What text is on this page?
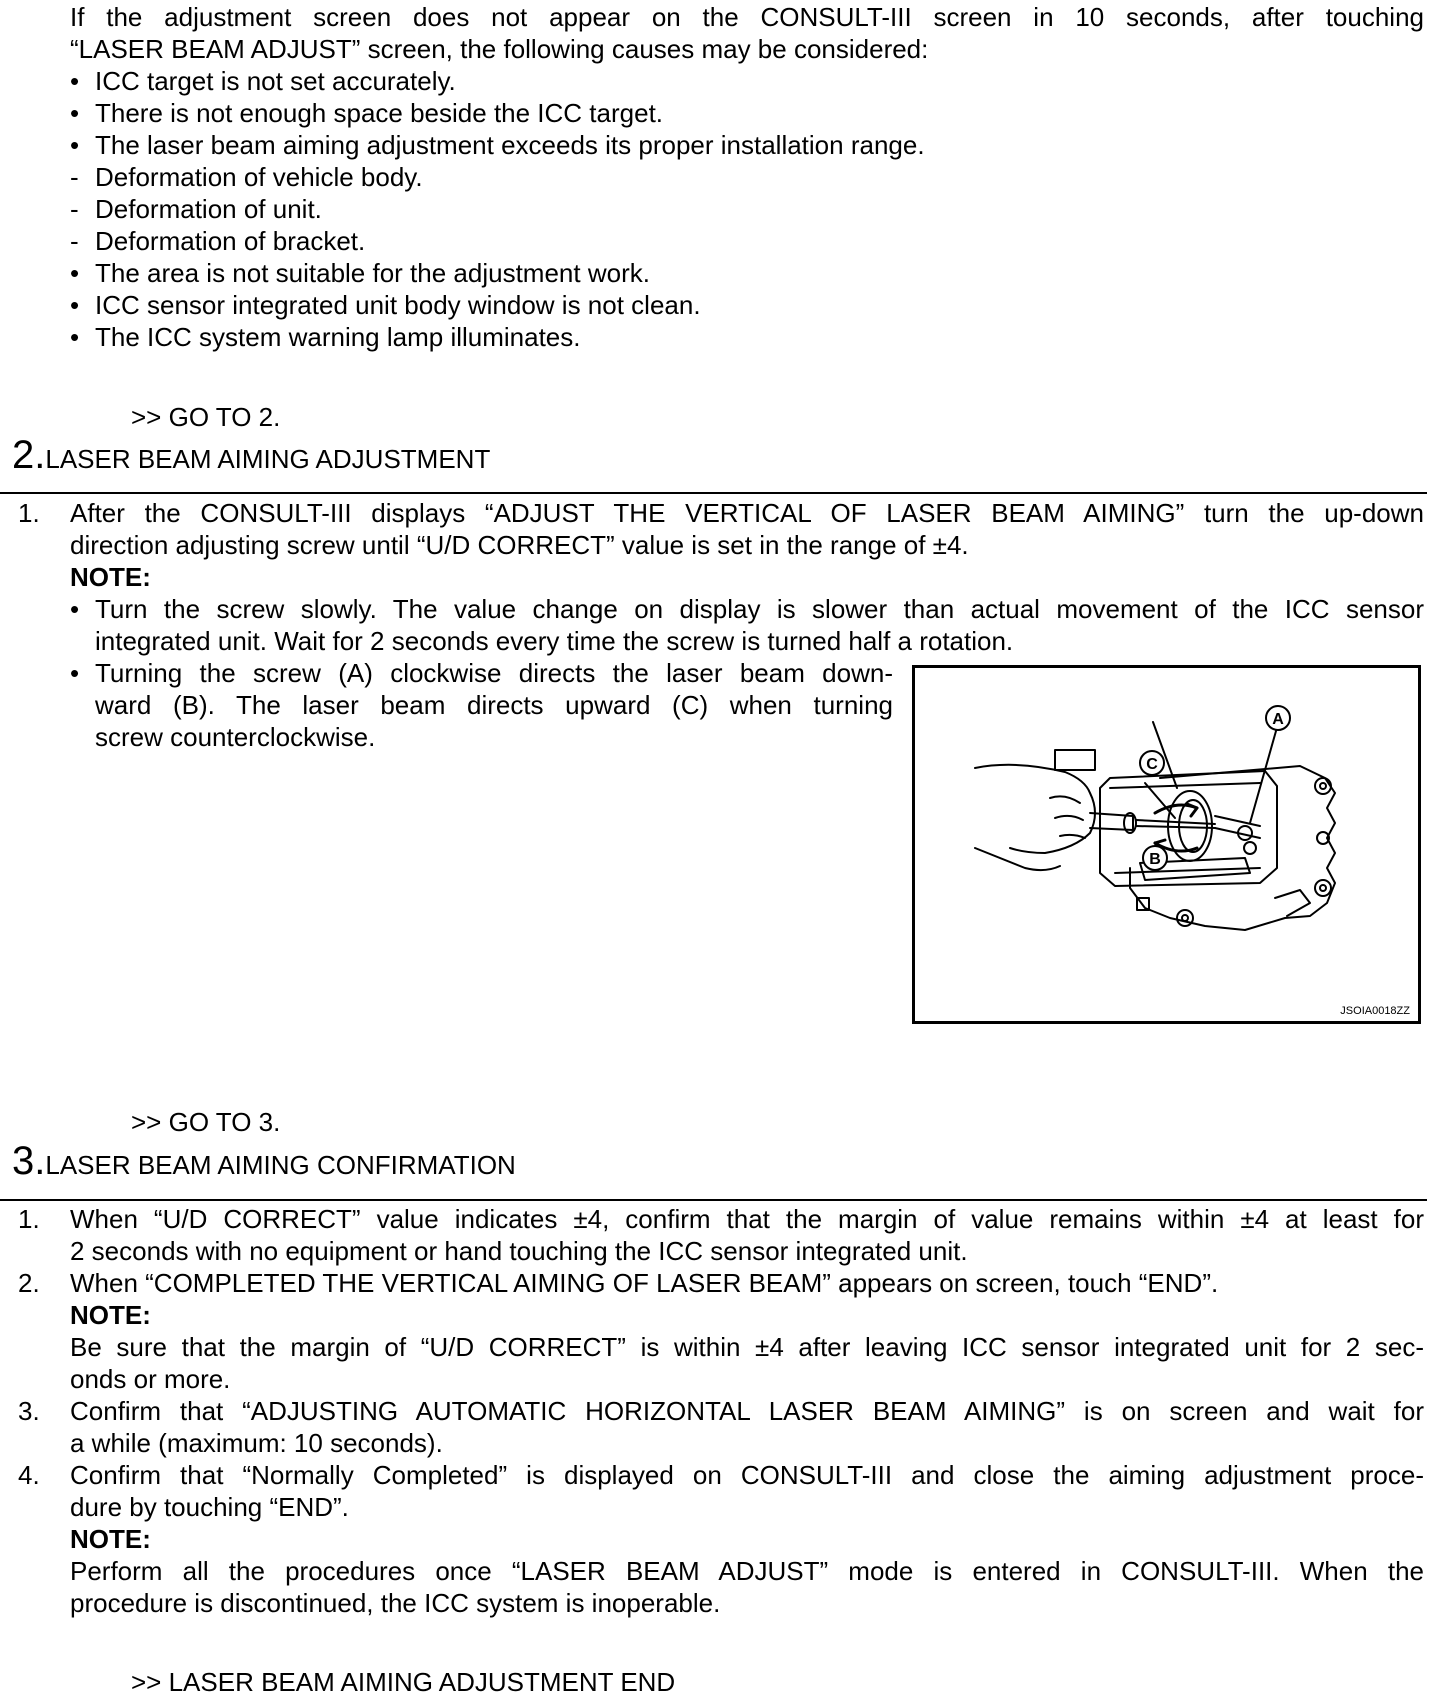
If the adjustment screen does not appear on the CONSULT-III screen in 10 seconds, after touching
“LASER BEAM ADJUST” screen, the following causes may be considered:
• ICC target is not set accurately.
• There is not enough space beside the ICC target.
• The laser beam aiming adjustment exceeds its proper installation range.
- Deformation of vehicle body.
- Deformation of unit.
- Deformation of bracket.
• The area is not suitable for the adjustment work.
• ICC sensor integrated unit body window is not clean.
• The ICC system warning lamp illuminates.
>> GO TO 2.
2.LASER BEAM AIMING ADJUSTMENT
1. After the CONSULT-III displays “ADJUST THE VERTICAL OF LASER BEAM AIMING” turn the up-down
direction adjusting screw until “U/D CORRECT” value is set in the range of ±4.
NOTE:
• Turn the screw slowly. The value change on display is slower than actual movement of the ICC sensor
integrated unit. Wait for 2 seconds every time the screw is turned half a rotation.
• Turning the screw (A) clockwise directs the laser beam down-
ward (B). The laser beam directs upward (C) when turning
screw counterclockwise.
A
C
B
JSOIA0018ZZ
>> GO TO 3.
3.LASER BEAM AIMING CONFIRMATION
1. When “U/D CORRECT” value indicates ±4, confirm that the margin of value remains within ±4 at least for
2 seconds with no equipment or hand touching the ICC sensor integrated unit.
2. When “COMPLETED THE VERTICAL AIMING OF LASER BEAM” appears on screen, touch “END”.
NOTE:
Be sure that the margin of “U/D CORRECT” is within ±4 after leaving ICC sensor integrated unit for 2 sec-
onds or more.
3. Confirm that “ADJUSTING AUTOMATIC HORIZONTAL LASER BEAM AIMING” is on screen and wait for
a while (maximum: 10 seconds).
4. Confirm that “Normally Completed” is displayed on CONSULT-III and close the aiming adjustment proce-
dure by touching “END”.
NOTE:
Perform all the procedures once “LASER BEAM ADJUST” mode is entered in CONSULT-III. When the
procedure is discontinued, the ICC system is inoperable.
>> LASER BEAM AIMING ADJUSTMENT END
